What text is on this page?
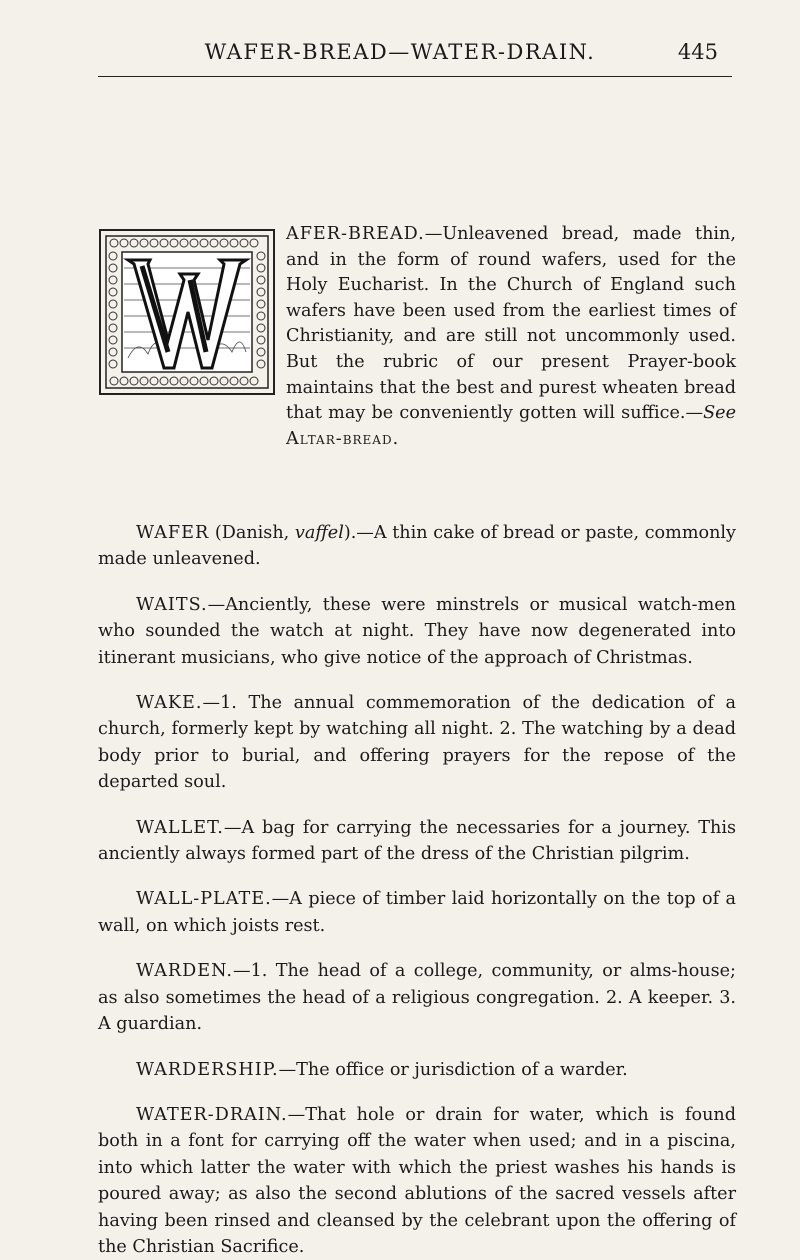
WAFER-BREAD—WATER-DRAIN.	445
AFER-BREAD.—Unleavened bread, made thin, and in the form of round wafers, used for the Holy Eucharist. In the Church of England such wafers have been used from the earliest times of Christianity, and are still not uncommonly used. But the rubric of our present Prayer-book maintains that the best and purest wheaten bread that may be conveniently gotten will suffice.—See Altar-bread.

WAFER (Danish, vaffel).—A thin cake of bread or paste, commonly made unleavened.

WAITS.—Anciently, these were minstrels or musical watch-men who sounded the watch at night. They have now degenerated into itinerant musicians, who give notice of the approach of Christmas.

WAKE.—1. The annual commemoration of the dedication of a church, formerly kept by watching all night. 2. The watching by a dead body prior to burial, and offering prayers for the repose of the departed soul.

WALLET.—A bag for carrying the necessaries for a journey. This anciently always formed part of the dress of the Christian pilgrim.

WALL-PLATE.—A piece of timber laid horizontally on the top of a wall, on which joists rest.

WARDEN.—1. The head of a college, community, or alms-house; as also sometimes the head of a religious congregation. 2. A keeper. 3. A guardian.

WARDERSHIP.—The office or jurisdiction of a warder.

WATER-DRAIN.—That hole or drain for water, which is found both in a font for carrying off the water when used; and in a piscina, into which latter the water with which the priest washes his hands is poured away; as also the second ablutions of the sacred vessels after having been rinsed and cleansed by the celebrant upon the offering of the Christian Sacrifice.
